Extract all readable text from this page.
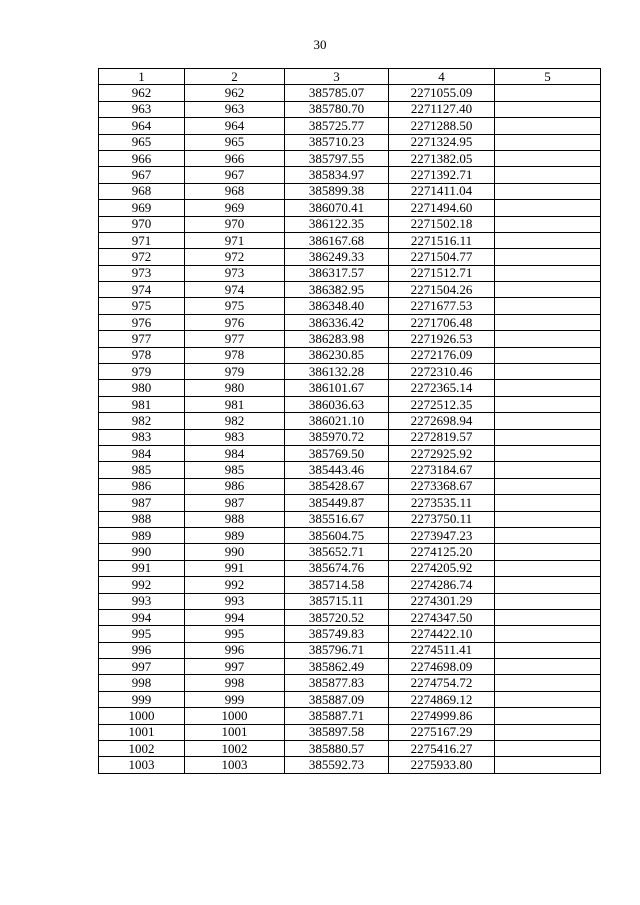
30
1	2	3	4	5
962	962	385785.07	2271055.09	
963	963	385780.70	2271127.40	
964	964	385725.77	2271288.50	
965	965	385710.23	2271324.95	
966	966	385797.55	2271382.05	
967	967	385834.97	2271392.71	
968	968	385899.38	2271411.04	
969	969	386070.41	2271494.60	
970	970	386122.35	2271502.18	
971	971	386167.68	2271516.11	
972	972	386249.33	2271504.77	
973	973	386317.57	2271512.71	
974	974	386382.95	2271504.26	
975	975	386348.40	2271677.53	
976	976	386336.42	2271706.48	
977	977	386283.98	2271926.53	
978	978	386230.85	2272176.09	
979	979	386132.28	2272310.46	
980	980	386101.67	2272365.14	
981	981	386036.63	2272512.35	
982	982	386021.10	2272698.94	
983	983	385970.72	2272819.57	
984	984	385769.50	2272925.92	
985	985	385443.46	2273184.67	
986	986	385428.67	2273368.67	
987	987	385449.87	2273535.11	
988	988	385516.67	2273750.11	
989	989	385604.75	2273947.23	
990	990	385652.71	2274125.20	
991	991	385674.76	2274205.92	
992	992	385714.58	2274286.74	
993	993	385715.11	2274301.29	
994	994	385720.52	2274347.50	
995	995	385749.83	2274422.10	
996	996	385796.71	2274511.41	
997	997	385862.49	2274698.09	
998	998	385877.83	2274754.72	
999	999	385887.09	2274869.12	
1000	1000	385887.71	2274999.86	
1001	1001	385897.58	2275167.29	
1002	1002	385880.57	2275416.27	
1003	1003	385592.73	2275933.80	
